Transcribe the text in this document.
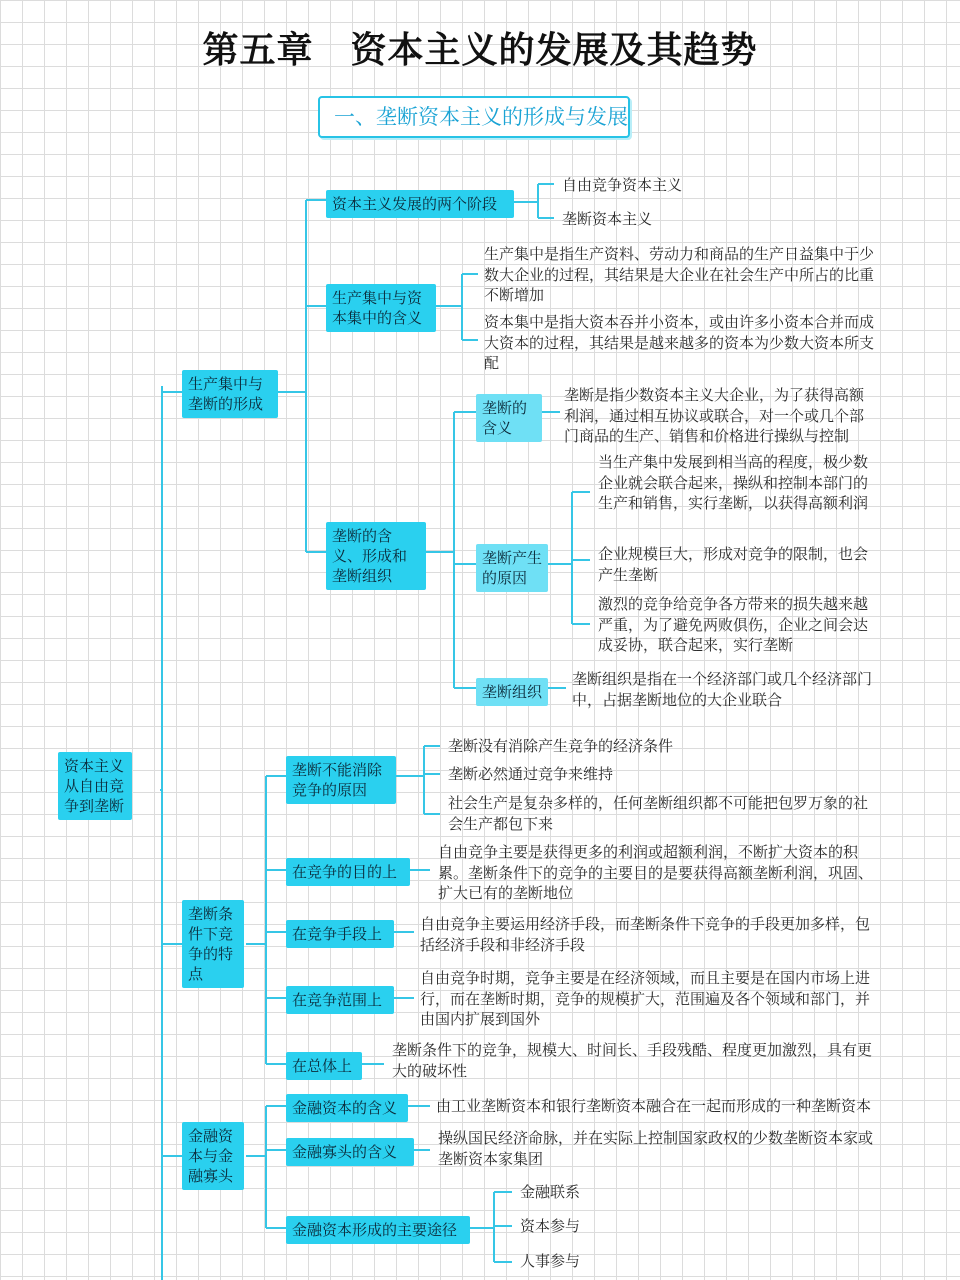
第五章　资本主义的发展及其趋势
一、垄断资本主义的形成与发展
资本主义从自由竞争到垄断
生产集中与垄断的形成
资本主义发展的两个阶段
自由竞争资本主义
垄断资本主义
生产集中与资本集中的含义
生产集中是指生产资料、劳动力和商品的生产日益集中于少数大企业的过程，其结果是大企业在社会生产中所占的比重不断增加
资本集中是指大资本吞并小资本，或由许多小资本合并而成大资本的过程，其结果是越来越多的资本为少数大资本所支配
垄断的含义、形成和垄断组织
垄断的含义
垄断是指少数资本主义大企业，为了获得高额利润，通过相互协议或联合，对一个或几个部门商品的生产、销售和价格进行操纵与控制
垄断产生的原因
当生产集中发展到相当高的程度，极少数企业就会联合起来，操纵和控制本部门的生产和销售，实行垄断，以获得高额利润
企业规模巨大，形成对竞争的限制，也会产生垄断
激烈的竞争给竞争各方带来的损失越来越严重，为了避免两败俱伤，企业之间会达成妥协，联合起来，实行垄断
垄断组织
垄断组织是指在一个经济部门或几个经济部门中，占据垄断地位的大企业联合
垄断条件下竞争的特点
垄断不能消除竞争的原因
垄断没有消除产生竞争的经济条件
垄断必然通过竞争来维持
社会生产是复杂多样的，任何垄断组织都不可能把包罗万象的社会生产都包下来
在竞争的目的上
自由竞争主要是获得更多的利润或超额利润，不断扩大资本的积累。垄断条件下的竞争的主要目的是要获得高额垄断利润，巩固、扩大已有的垄断地位
在竞争手段上
自由竞争主要运用经济手段，而垄断条件下竞争的手段更加多样，包括经济手段和非经济手段
在竞争范围上
自由竞争时期，竞争主要是在经济领域，而且主要是在国内市场上进行，而在垄断时期，竞争的规模扩大，范围遍及各个领域和部门，并由国内扩展到国外
在总体上
垄断条件下的竞争，规模大、时间长、手段残酷、程度更加激烈，具有更大的破坏性
金融资本与金融寡头
金融资本的含义	由工业垄断资本和银行垄断资本融合在一起而形成的一种垄断资本
金融寡头的含义
操纵国民经济命脉，并在实际上控制国家政权的少数垄断资本家或垄断资本家集团
金融资本形成的主要途径
金融联系
资本参与
人事参与
